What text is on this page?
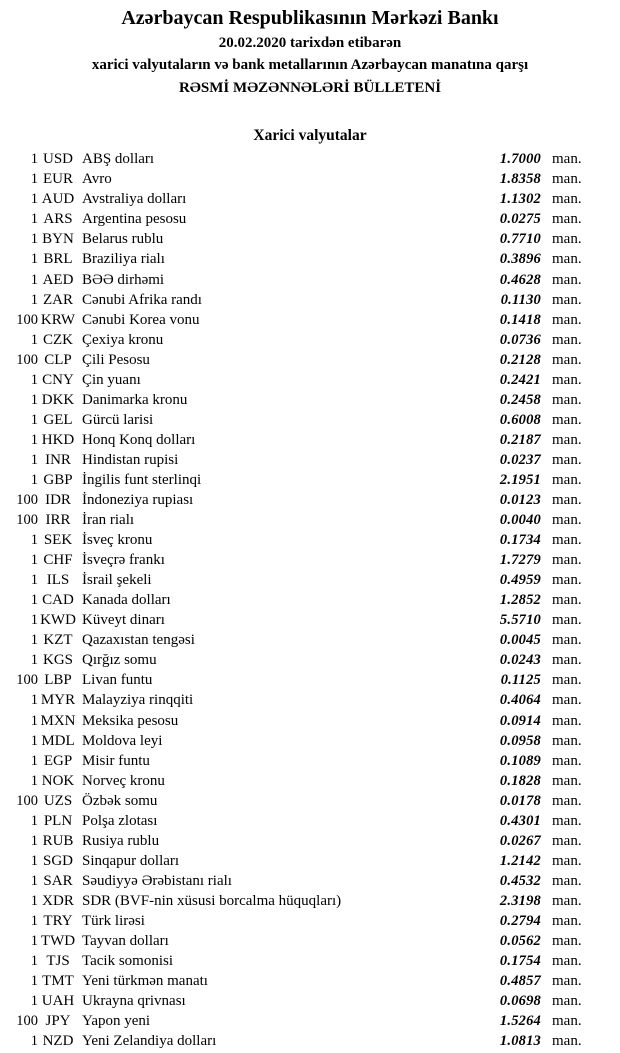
Azərbaycan Respublikasının Mərkəzi Bankı
20.02.2020 tarixdən etibarən
xarici valyutaların və bank metallarının Azərbaycan manatına qarşı
RƏSMİ MƏZƏNNƏLƏRİ BÜLLETENİ
Xarici valyutalar
1 USD ABŞ dolları	1.7000 man.
1 EUR Avro	1.8358 man.
1 AUD Avstraliya dolları	1.1302 man.
1 ARS Argentina pesosu	0.0275 man.
1 BYN Belarus rublu	0.7710 man.
1 BRL Braziliya rialı	0.3896 man.
1 AED BƏƏ dirhəmi	0.4628 man.
1 ZAR Cənubi Afrika randı	0.1130 man.
100 KRW Cənubi Korea vonu	0.1418 man.
1 CZK Çexiya kronu	0.0736 man.
100 CLP Çili Pesosu	0.2128 man.
1 CNY Çin yuanı	0.2421 man.
1 DKK Danimarka kronu	0.2458 man.
1 GEL Gürcü larisi	0.6008 man.
1 HKD Honq Konq dolları	0.2187 man.
1 INR Hindistan rupisi	0.0237 man.
1 GBP İngilis funt sterlinqi	2.1951 man.
100 IDR İndoneziya rupiası	0.0123 man.
100 IRR İran rialı	0.0040 man.
1 SEK İsveç kronu	0.1734 man.
1 CHF İsveçrə frankı	1.7279 man.
1 ILS İsrail şekeli	0.4959 man.
1 CAD Kanada dolları	1.2852 man.
1 KWD Küveyt dinarı	5.5710 man.
1 KZT Qazaxıstan tengəsi	0.0045 man.
1 KGS Qırğız somu	0.0243 man.
100 LBP Livan funtu	0.1125 man.
1 MYR Malayziya rinqqiti	0.4064 man.
1 MXN Meksika pesosu	0.0914 man.
1 MDL Moldova leyi	0.0958 man.
1 EGP Misir funtu	0.1089 man.
1 NOK Norveç kronu	0.1828 man.
100 UZS Özbək somu	0.0178 man.
1 PLN Polşa zlotası	0.4301 man.
1 RUB Rusiya rublu	0.0267 man.
1 SGD Sinqapur dolları	1.2142 man.
1 SAR Səudiyyə Ərəbistanı rialı	0.4532 man.
1 XDR SDR (BVF-nin xüsusi borcalma hüquqları)	2.3198 man.
1 TRY Türk lirəsi	0.2794 man.
1 TWD Tayvan dolları	0.0562 man.
1 TJS Tacik somonisi	0.1754 man.
1 TMT Yeni türkmən manatı	0.4857 man.
1 UAH Ukrayna qrivnası	0.0698 man.
100 JPY Yapon yeni	1.5264 man.
1 NZD Yeni Zelandiya dolları	1.0813 man.
